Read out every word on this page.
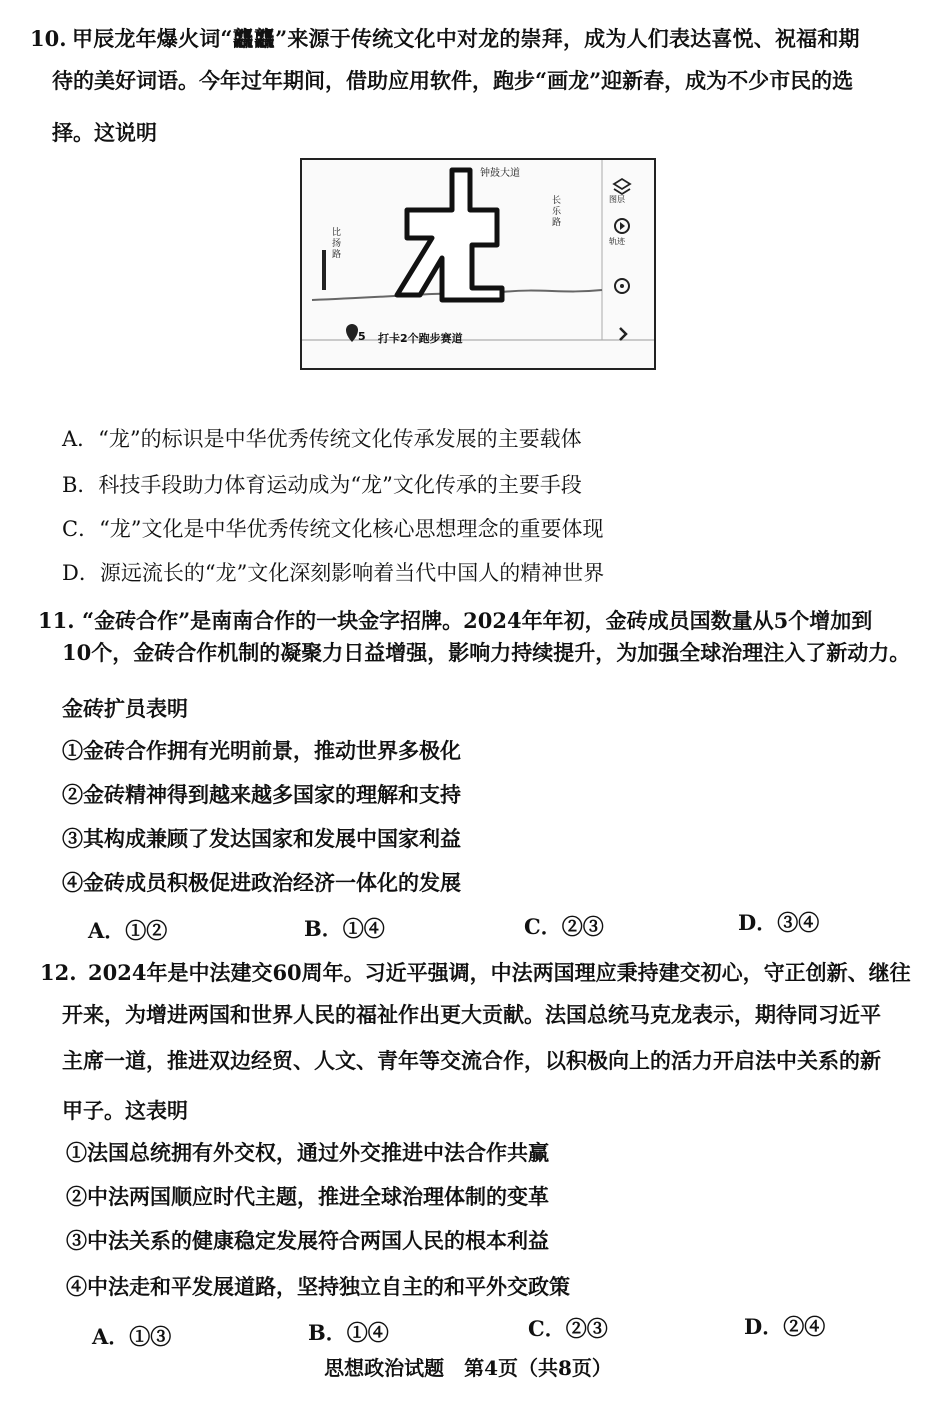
10. 甲辰龙年爆火词“龘龘”来源于传统文化中对龙的崇拜，成为人们表达喜悦、祝福和期
待的美好词语。今年过年期间，借助应用软件，跑步“画龙”迎新春，成为不少市民的选
择。这说明
钟鼓大道
比扬路
长乐路
图层
轨迹
5 打卡2个跑步赛道
A．“龙”的标识是中华优秀传统文化传承发展的主要载体
B．科技手段助力体育运动成为“龙”文化传承的主要手段
C．“龙”文化是中华优秀传统文化核心思想理念的重要体现
D．源远流长的“龙”文化深刻影响着当代中国人的精神世界
11. “金砖合作”是南南合作的一块金字招牌。2024年年初，金砖成员国数量从5个增加到
10个，金砖合作机制的凝聚力日益增强，影响力持续提升，为加强全球治理注入了新动力。
金砖扩员表明
①金砖合作拥有光明前景，推动世界多极化
②金砖精神得到越来越多国家的理解和支持
③其构成兼顾了发达国家和发展中国家利益
④金砖成员积极促进政治经济一体化的发展
A．①②	B．①④	C．②③	D．③④
12. 2024年是中法建交60周年。习近平强调，中法两国理应秉持建交初心，守正创新、继往
开来，为增进两国和世界人民的福祉作出更大贡献。法国总统马克龙表示，期待同习近平
主席一道，推进双边经贸、人文、青年等交流合作，以积极向上的活力开启法中关系的新
甲子。这表明
①法国总统拥有外交权，通过外交推进中法合作共赢
②中法两国顺应时代主题，推进全球治理体制的变革
③中法关系的健康稳定发展符合两国人民的根本利益
④中法走和平发展道路，坚持独立自主的和平外交政策
A．①③	B．①④	C．②③	D．②④
思想政治试题　第4页（共8页）
